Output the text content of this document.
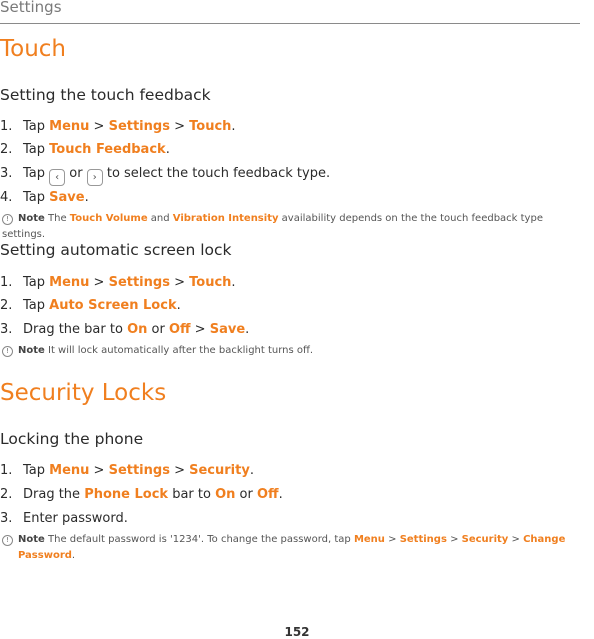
Settings
Touch
Setting the touch feedback
1. Tap Menu > Settings > Touch.
2. Tap Touch Feedback.
3. Tap ‹ or › to select the touch feedback type.
4. Tap Save.
! Note The Touch Volume and Vibration Intensity availability depends on the the touch feedback type settings.
Setting automatic screen lock
1. Tap Menu > Settings > Touch.
2. Tap Auto Screen Lock.
3. Drag the bar to On or Off > Save.
! Note It will lock automatically after the backlight turns off.
Security Locks
Locking the phone
1. Tap Menu > Settings > Security.
2. Drag the Phone Lock bar to On or Off.
3. Enter password.
! Note The default password is '1234'. To change the password, tap Menu > Settings > Security > Change
Password.
152
